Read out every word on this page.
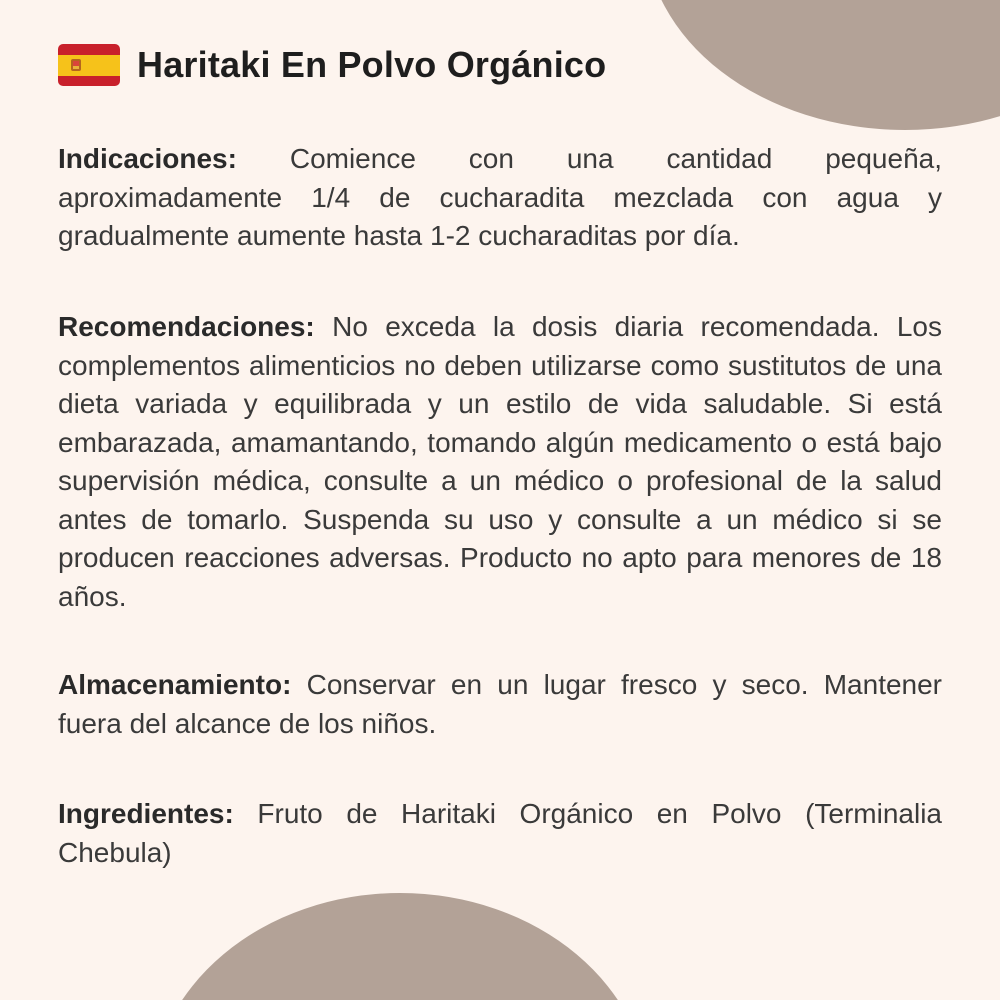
Haritaki En Polvo Orgánico

Indicaciones: Comience con una cantidad pequeña, aproximadamente 1/4 de cucharadita mezclada con agua y gradualmente aumente hasta 1-2 cucharaditas por día.

Recomendaciones: No exceda la dosis diaria recomendada. Los complementos alimenticios no deben utilizarse como sustitutos de una dieta variada y equilibrada y un estilo de vida saludable. Si está embarazada, amamantando, tomando algún medicamento o está bajo supervisión médica, consulte a un médico o profesional de la salud antes de tomarlo. Suspenda su uso y consulte a un médico si se producen reacciones adversas. Producto no apto para menores de 18 años.

Almacenamiento: Conservar en un lugar fresco y seco. Mantener fuera del alcance de los niños.

Ingredientes: Fruto de Haritaki Orgánico en Polvo (Terminalia Chebula)
